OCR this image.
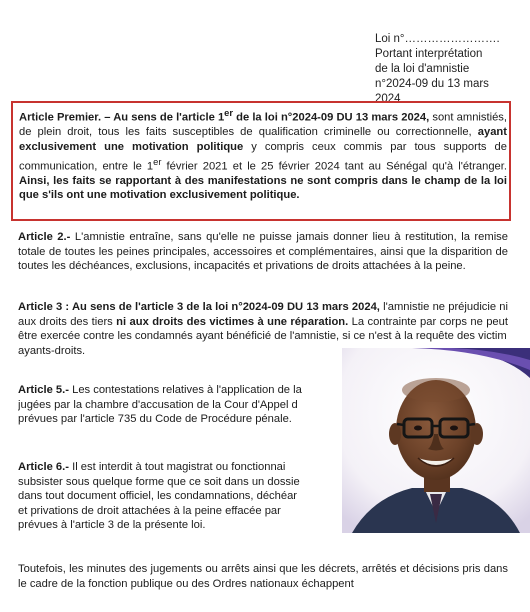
Loi n°…………………….
Portant interprétation
de la loi d'amnistie
n°2024-09 du 13 mars
2024
Article Premier. – Au sens de l'article 1er de la loi n°2024-09 DU 13 mars 2024, sont amnistiés, de plein droit, tous les faits susceptibles de qualification criminelle ou correctionnelle, ayant exclusivement une motivation politique y compris ceux commis par tous supports de communication, entre le 1er février 2021 et le 25 février 2024 tant au Sénégal qu'à l'étranger. Ainsi, les faits se rapportant à des manifestations ne sont compris dans le champ de la loi que s'ils ont une motivation exclusivement politique.
Article 2.- L'amnistie entraîne, sans qu'elle ne puisse jamais donner lieu à restitution, la remise totale de toutes les peines principales, accessoires et complémentaires, ainsi que la disparition de toutes les déchéances, exclusions, incapacités et privations de droits attachées à la peine.
Article 3 : Au sens de l'article 3 de la loi n°2024-09 DU 13 mars 2024, l'amnistie ne préjudicie ni aux droits des tiers ni aux droits des victimes à une réparation. La contrainte par corps ne peut être exercée contre les condamnés ayant bénéficié de l'amnistie, si ce n'est à la requête des victim
ayants-droits.
Article 5.- Les contestations relatives à l'application de la
jugées par la chambre d'accusation de la Cour d'Appel d
prévues par l'article 735 du Code de Procédure pénale.
Article 6.- Il est interdit à tout magistrat ou fonctionnai
subsister sous quelque forme que ce soit dans un dossie
dans tout document officiel, les condamnations, déchéar
et privations de droit attachées à la peine effacée par
prévues à l'article 3 de la présente loi.
Toutefois, les minutes des jugements ou arrêts ainsi que les décrets, arrêtés et décisions pris dans le cadre de la fonction publique ou des Ordres nationaux échappent
